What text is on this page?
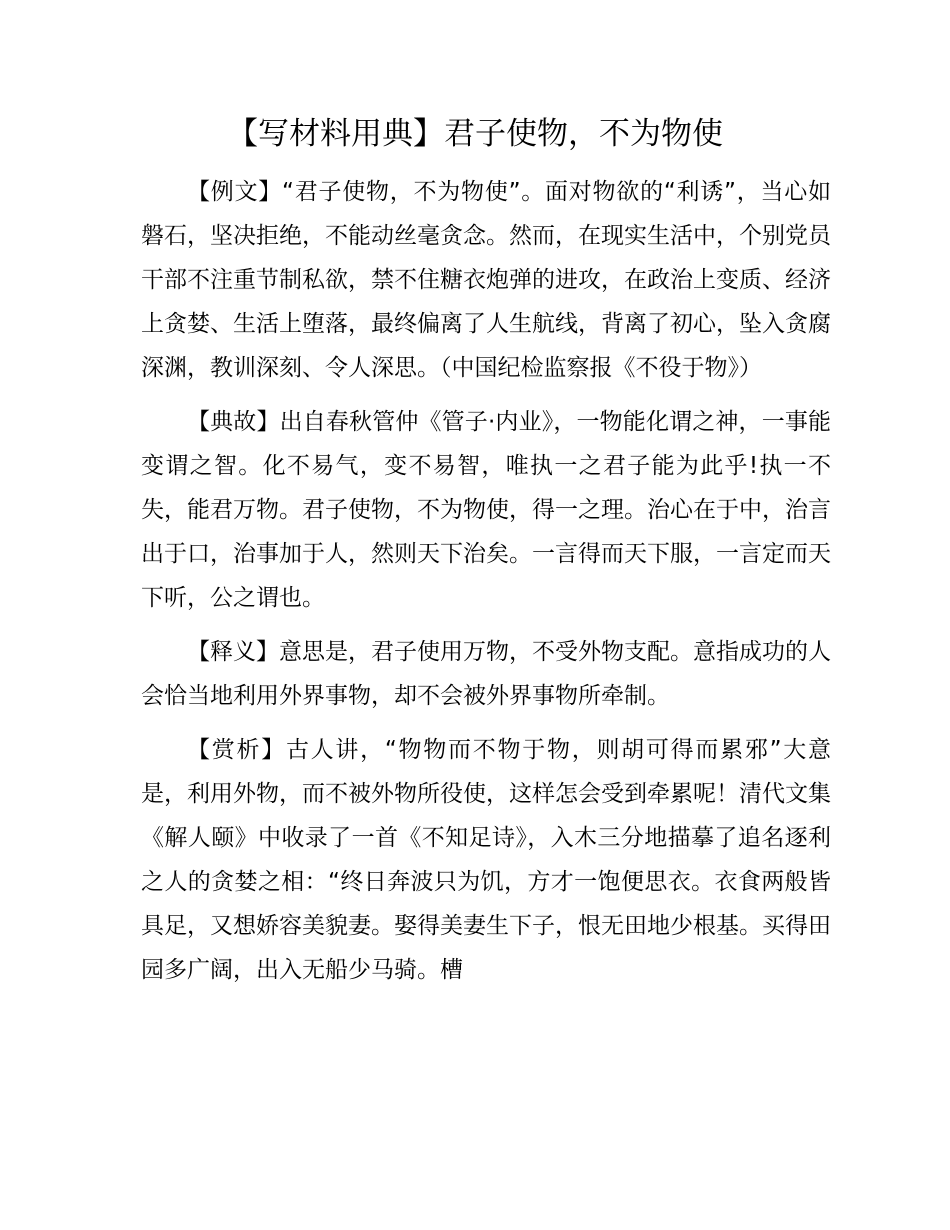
【写材料用典】君子使物，不为物使

【例文】“君子使物，不为物使”。面对物欲的“利诱”，当心如磐石，坚决拒绝，不能动丝毫贪念。然而，在现实生活中，个别党员干部不注重节制私欲，禁不住糖衣炮弹的进攻，在政治上变质、经济上贪婪、生活上堕落，最终偏离了人生航线，背离了初心，坠入贪腐深渊，教训深刻、令人深思。（中国纪检监察报《不役于物》）

【典故】出自春秋管仲《管子·内业》，一物能化谓之神，一事能变谓之智。化不易气，变不易智，唯执一之君子能为此乎!执一不失，能君万物。君子使物，不为物使，得一之理。治心在于中，治言出于口，治事加于人，然则天下治矣。一言得而天下服，一言定而天下听，公之谓也。

【释义】意思是，君子使用万物，不受外物支配。意指成功的人会恰当地利用外界事物，却不会被外界事物所牵制。

【赏析】古人讲，“物物而不物于物，则胡可得而累邪”大意是，利用外物，而不被外物所役使，这样怎会受到牵累呢！清代文集《解人颐》中收录了一首《不知足诗》，入木三分地描摹了追名逐利之人的贪婪之相：“终日奔波只为饥，方才一饱便思衣。衣食两般皆具足，又想娇容美貌妻。娶得美妻生下子，恨无田地少根基。买得田园多广阔，出入无船少马骑。槽
